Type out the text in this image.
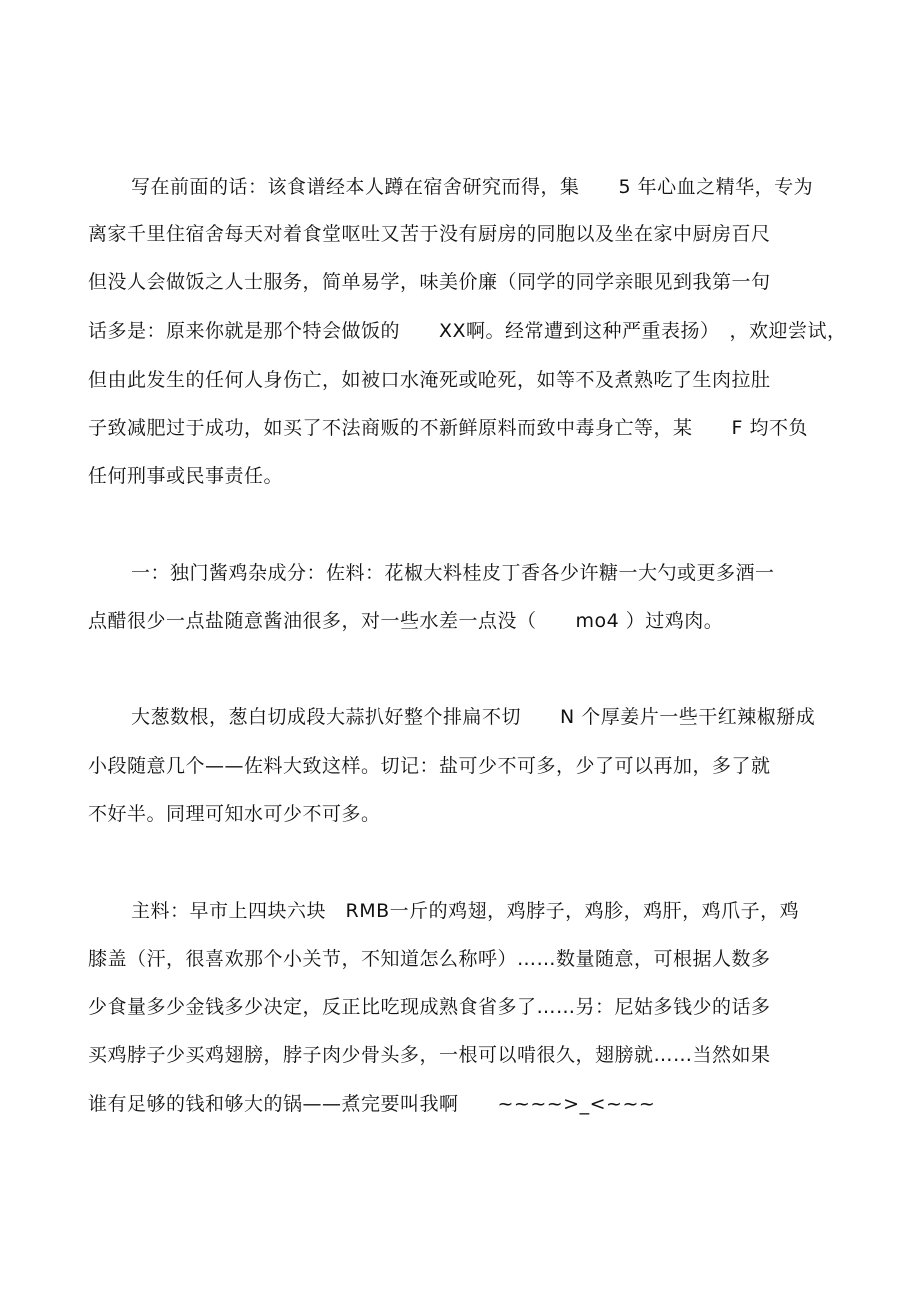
写在前面的话：该食谱经本人蹲在宿舍研究而得，集　　5 年心血之精华，专为
离家千里住宿舍每天对着食堂呕吐又苦于没有厨房的同胞以及坐在家中厨房百尺
但没人会做饭之人士服务，简单易学，味美价廉（同学的同学亲眼见到我第一句
话多是：原来你就是那个特会做饭的　　XX啊。经常遭到这种严重表扬）　，欢迎尝试，
但由此发生的任何人身伤亡，如被口水淹死或呛死，如等不及煮熟吃了生肉拉肚
子致减肥过于成功，如买了不法商贩的不新鲜原料而致中毒身亡等，某　　F 均不负
任何刑事或民事责任。
一：独门酱鸡杂成分：佐料：花椒大料桂皮丁香各少许糖一大勺或更多酒一
点醋很少一点盐随意酱油很多，对一些水差一点没（　　mo4 ）过鸡肉。
大葱数根，葱白切成段大蒜扒好整个排扁不切　　N 个厚姜片一些干红辣椒掰成
小段随意几个——佐料大致这样。切记：盐可少不可多，少了可以再加，多了就
不好半。同理可知水可少不可多。
主料：早市上四块六块　RMB一斤的鸡翅，鸡脖子，鸡胗，鸡肝，鸡爪子，鸡
膝盖（汗，很喜欢那个小关节，不知道怎么称呼）……数量随意，可根据人数多
少食量多少金钱多少决定，反正比吃现成熟食省多了……另：尼姑多钱少的话多
买鸡脖子少买鸡翅膀，脖子肉少骨头多，一根可以啃很久，翅膀就……当然如果
谁有足够的钱和够大的锅——煮完要叫我啊　　~~~~>_<~~~
